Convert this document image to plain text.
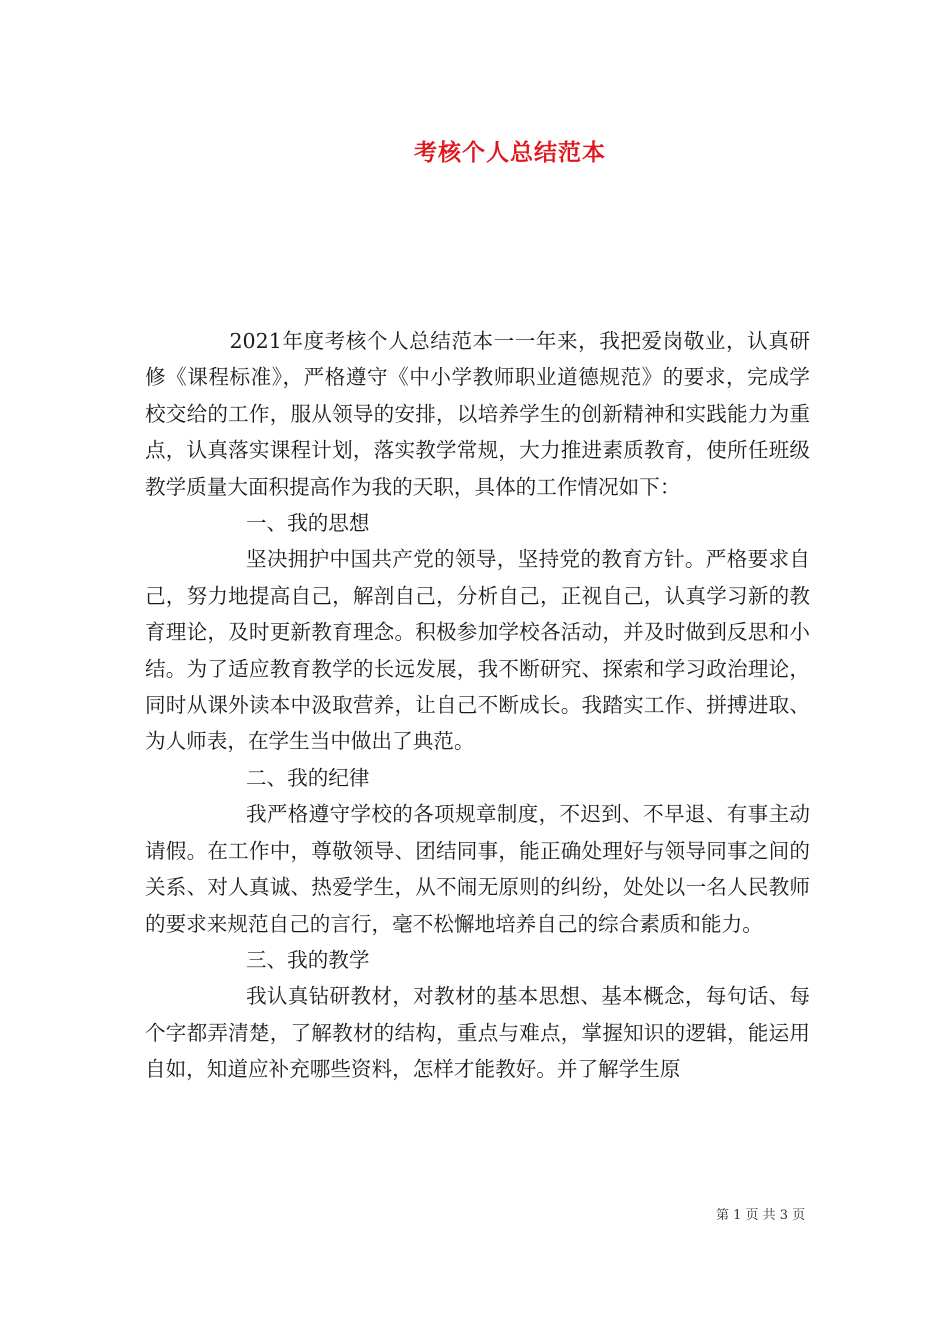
考核个人总结范本

2021年度考核个人总结范本一一年来，我把爱岗敬业，认真研修《课程标准》，严格遵守《中小学教师职业道德规范》的要求，完成学校交给的工作，服从领导的安排，以培养学生的创新精神和实践能力为重点，认真落实课程计划，落实教学常规，大力推进素质教育，使所任班级教学质量大面积提高作为我的天职，具体的工作情况如下：

一、我的思想

坚决拥护中国共产党的领导，坚持党的教育方针。严格要求自己，努力地提高自己，解剖自己，分析自己，正视自己，认真学习新的教育理论，及时更新教育理念。积极参加学校各活动，并及时做到反思和小结。为了适应教育教学的长远发展，我不断研究、探索和学习政治理论，同时从课外读本中汲取营养，让自己不断成长。我踏实工作、拼搏进取、为人师表，在学生当中做出了典范。

二、我的纪律

我严格遵守学校的各项规章制度，不迟到、不早退、有事主动请假。在工作中，尊敬领导、团结同事，能正确处理好与领导同事之间的关系、对人真诚、热爱学生，从不闹无原则的纠纷，处处以一名人民教师的要求来规范自己的言行，毫不松懈地培养自己的综合素质和能力。

三、我的教学

我认真钻研教材，对教材的基本思想、基本概念，每句话、每个字都弄清楚，了解教材的结构，重点与难点，掌握知识的逻辑，能运用自如，知道应补充哪些资料，怎样才能教好。并了解学生原

第 1 页 共 3 页
